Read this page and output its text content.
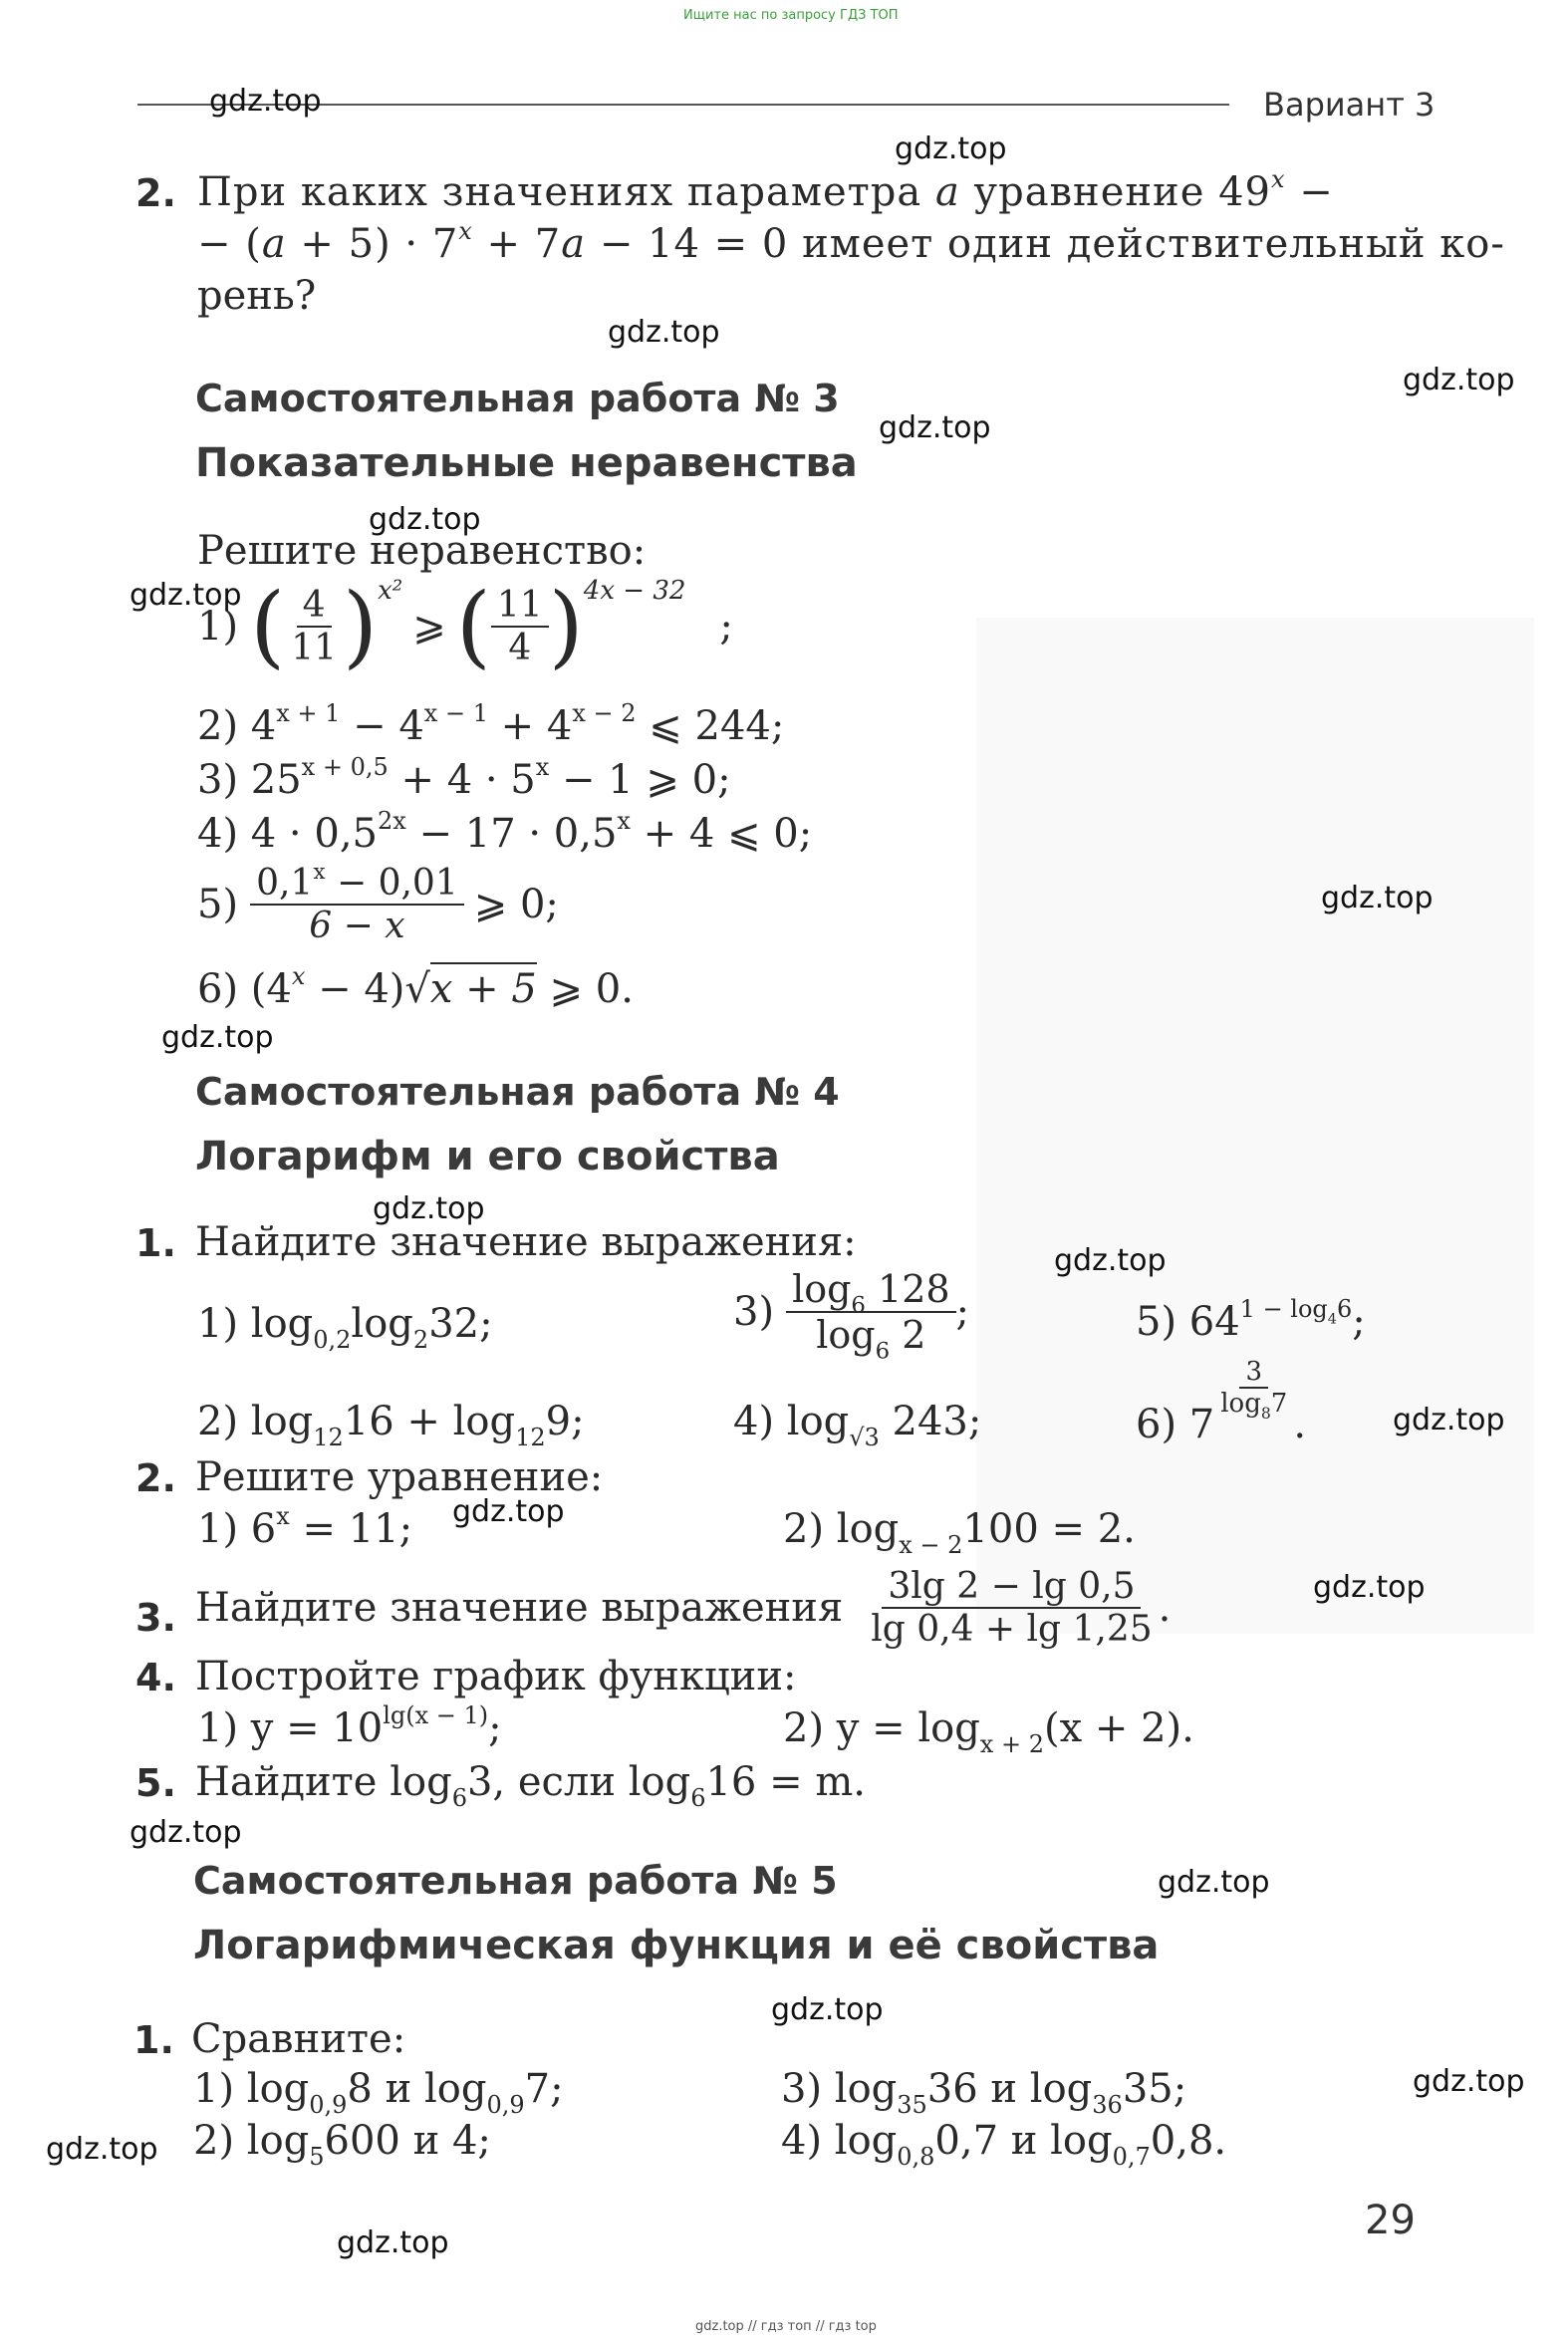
Ищите нас по запросу ГДЗ ТОП
Вариант 3
2. При каких значениях параметра a уравнение $49^x$ −
− $(a + 5) \cdot 7^x + 7a - 14 = 0$ имеет один действительный ко-
рень?
Самостоятельная работа № 3
Показательные неравенства
Решите неравенство:
1) ( $\frac{4}{11}$ ) x²
⩾ ( $\frac{11}{4}$ ) 4x − 32
;
2) $4^{x + 1} - 4^{x - 1} + 4^{x - 2}$ ⩽ 244;
3) $25^{x + 0,5} + 4 \cdot 5^x - 1$ ⩾ 0;
4) $4 \cdot 0,5^{2x} - 17 \cdot 0,5^x + 4$ ⩽ 0;
$5) \frac{0,1^x - 0,01}{6 - x}$ ⩾ 0;
6) $(4^x - 4)√x + 5$ ⩾ 0.
Самостоятельная работа № 4
Логарифм и его свойства
1. Найдите значение выражения:
1) $\log_{0,2}\log_232$;	$3) \frac{\log_6 128}{\log_6 2}$ ;	5) $64^{1 - log_46}$;
2) $\log_{12}16 + \log_{12}9$;	4) $\log_{√3} 243$;	6) 7
$\frac{3}{\log_87}$
.
2. Решите уравнение:
1) $6^x = 11$;	2) $\log_{x - 2}100 = 2$.
3. Найдите значение выражения $\frac{3\lg 2 - \lg 0,5}{\lg 0,4 + \lg 1,25}$ .
4. Постройте график функции:
1) $y = 10^{lg(x - 1)}$;	2) $y = \log_{x + 2}(x + 2)$.
5. Найдите $\log_63$, если $\log_616 = m$.
Самостоятельная работа № 5
Логарифмическая функция и её свойства
1. Сравните:
1) $\log_{0,9}8$ и $\log_{0,9}7$;	3) $\log_{35}36$ и $\log_{36}35$;
2) $\log_5600$ и 4;	4) $\log_{0,8}0,7$ и $\log_{0,7}0,8$.
29
gdz.top // гдз топ // гдз top
gdz.top
gdz.top
gdz.top
gdz.top
gdz.top
gdz.top
gdz.top
gdz.top
gdz.top
gdz.top
gdz.top
gdz.top
gdz.top
gdz.top
gdz.top
gdz.top
gdz.top
gdz.top
gdz.top
gdz.top
